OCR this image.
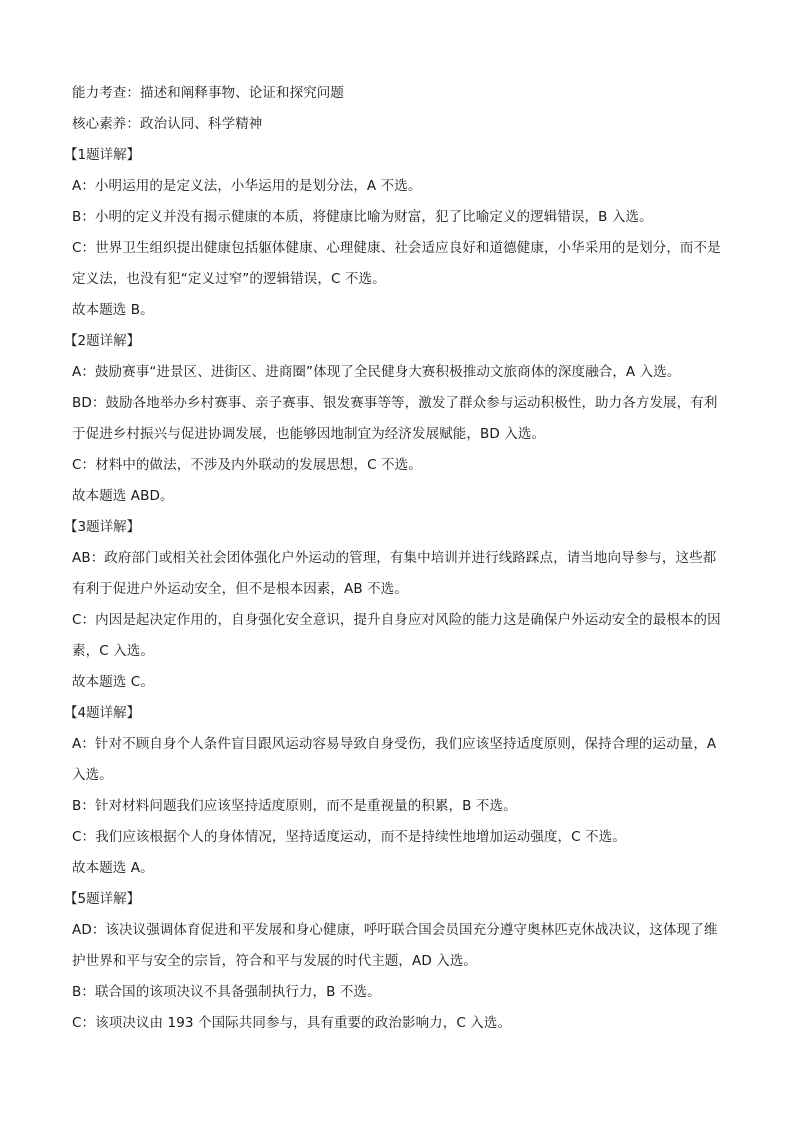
能力考查：描述和阐释事物、论证和探究问题
核心素养：政治认同、科学精神
【1题详解】
A：小明运用的是定义法，小华运用的是划分法，A 不选。
B：小明的定义并没有揭示健康的本质，将健康比喻为财富，犯了比喻定义的逻辑错误，B 入选。
C：世界卫生组织提出健康包括躯体健康、心理健康、社会适应良好和道德健康，小华采用的是划分，而不是定义法，也没有犯“定义过窄”的逻辑错误，C 不选。
故本题选 B。
【2题详解】
A：鼓励赛事“进景区、进街区、进商圈”体现了全民健身大赛积极推动文旅商体的深度融合，A 入选。
BD：鼓励各地举办乡村赛事、亲子赛事、银发赛事等等，激发了群众参与运动积极性，助力各方发展，有利于促进乡村振兴与促进协调发展，也能够因地制宜为经济发展赋能，BD 入选。
C：材料中的做法，不涉及内外联动的发展思想，C 不选。
故本题选 ABD。
【3题详解】
AB：政府部门或相关社会团体强化户外运动的管理，有集中培训并进行线路踩点，请当地向导参与，这些都有利于促进户外运动安全，但不是根本因素，AB 不选。
C：内因是起决定作用的，自身强化安全意识，提升自身应对风险的能力这是确保户外运动安全的最根本的因素，C 入选。
故本题选 C。
【4题详解】
A：针对不顾自身个人条件盲目跟风运动容易导致自身受伤，我们应该坚持适度原则，保持合理的运动量，A 入选。
B：针对材料问题我们应该坚持适度原则，而不是重视量的积累，B 不选。
C：我们应该根据个人的身体情况，坚持适度运动，而不是持续性地增加运动强度，C 不选。
故本题选 A。
【5题详解】
AD：该决议强调体育促进和平发展和身心健康，呼吁联合国会员国充分遵守奥林匹克休战决议，这体现了维护世界和平与安全的宗旨，符合和平与发展的时代主题，AD 入选。
B：联合国的该项决议不具备强制执行力，B 不选。
C：该项决议由 193 个国际共同参与，具有重要的政治影响力，C 入选。
